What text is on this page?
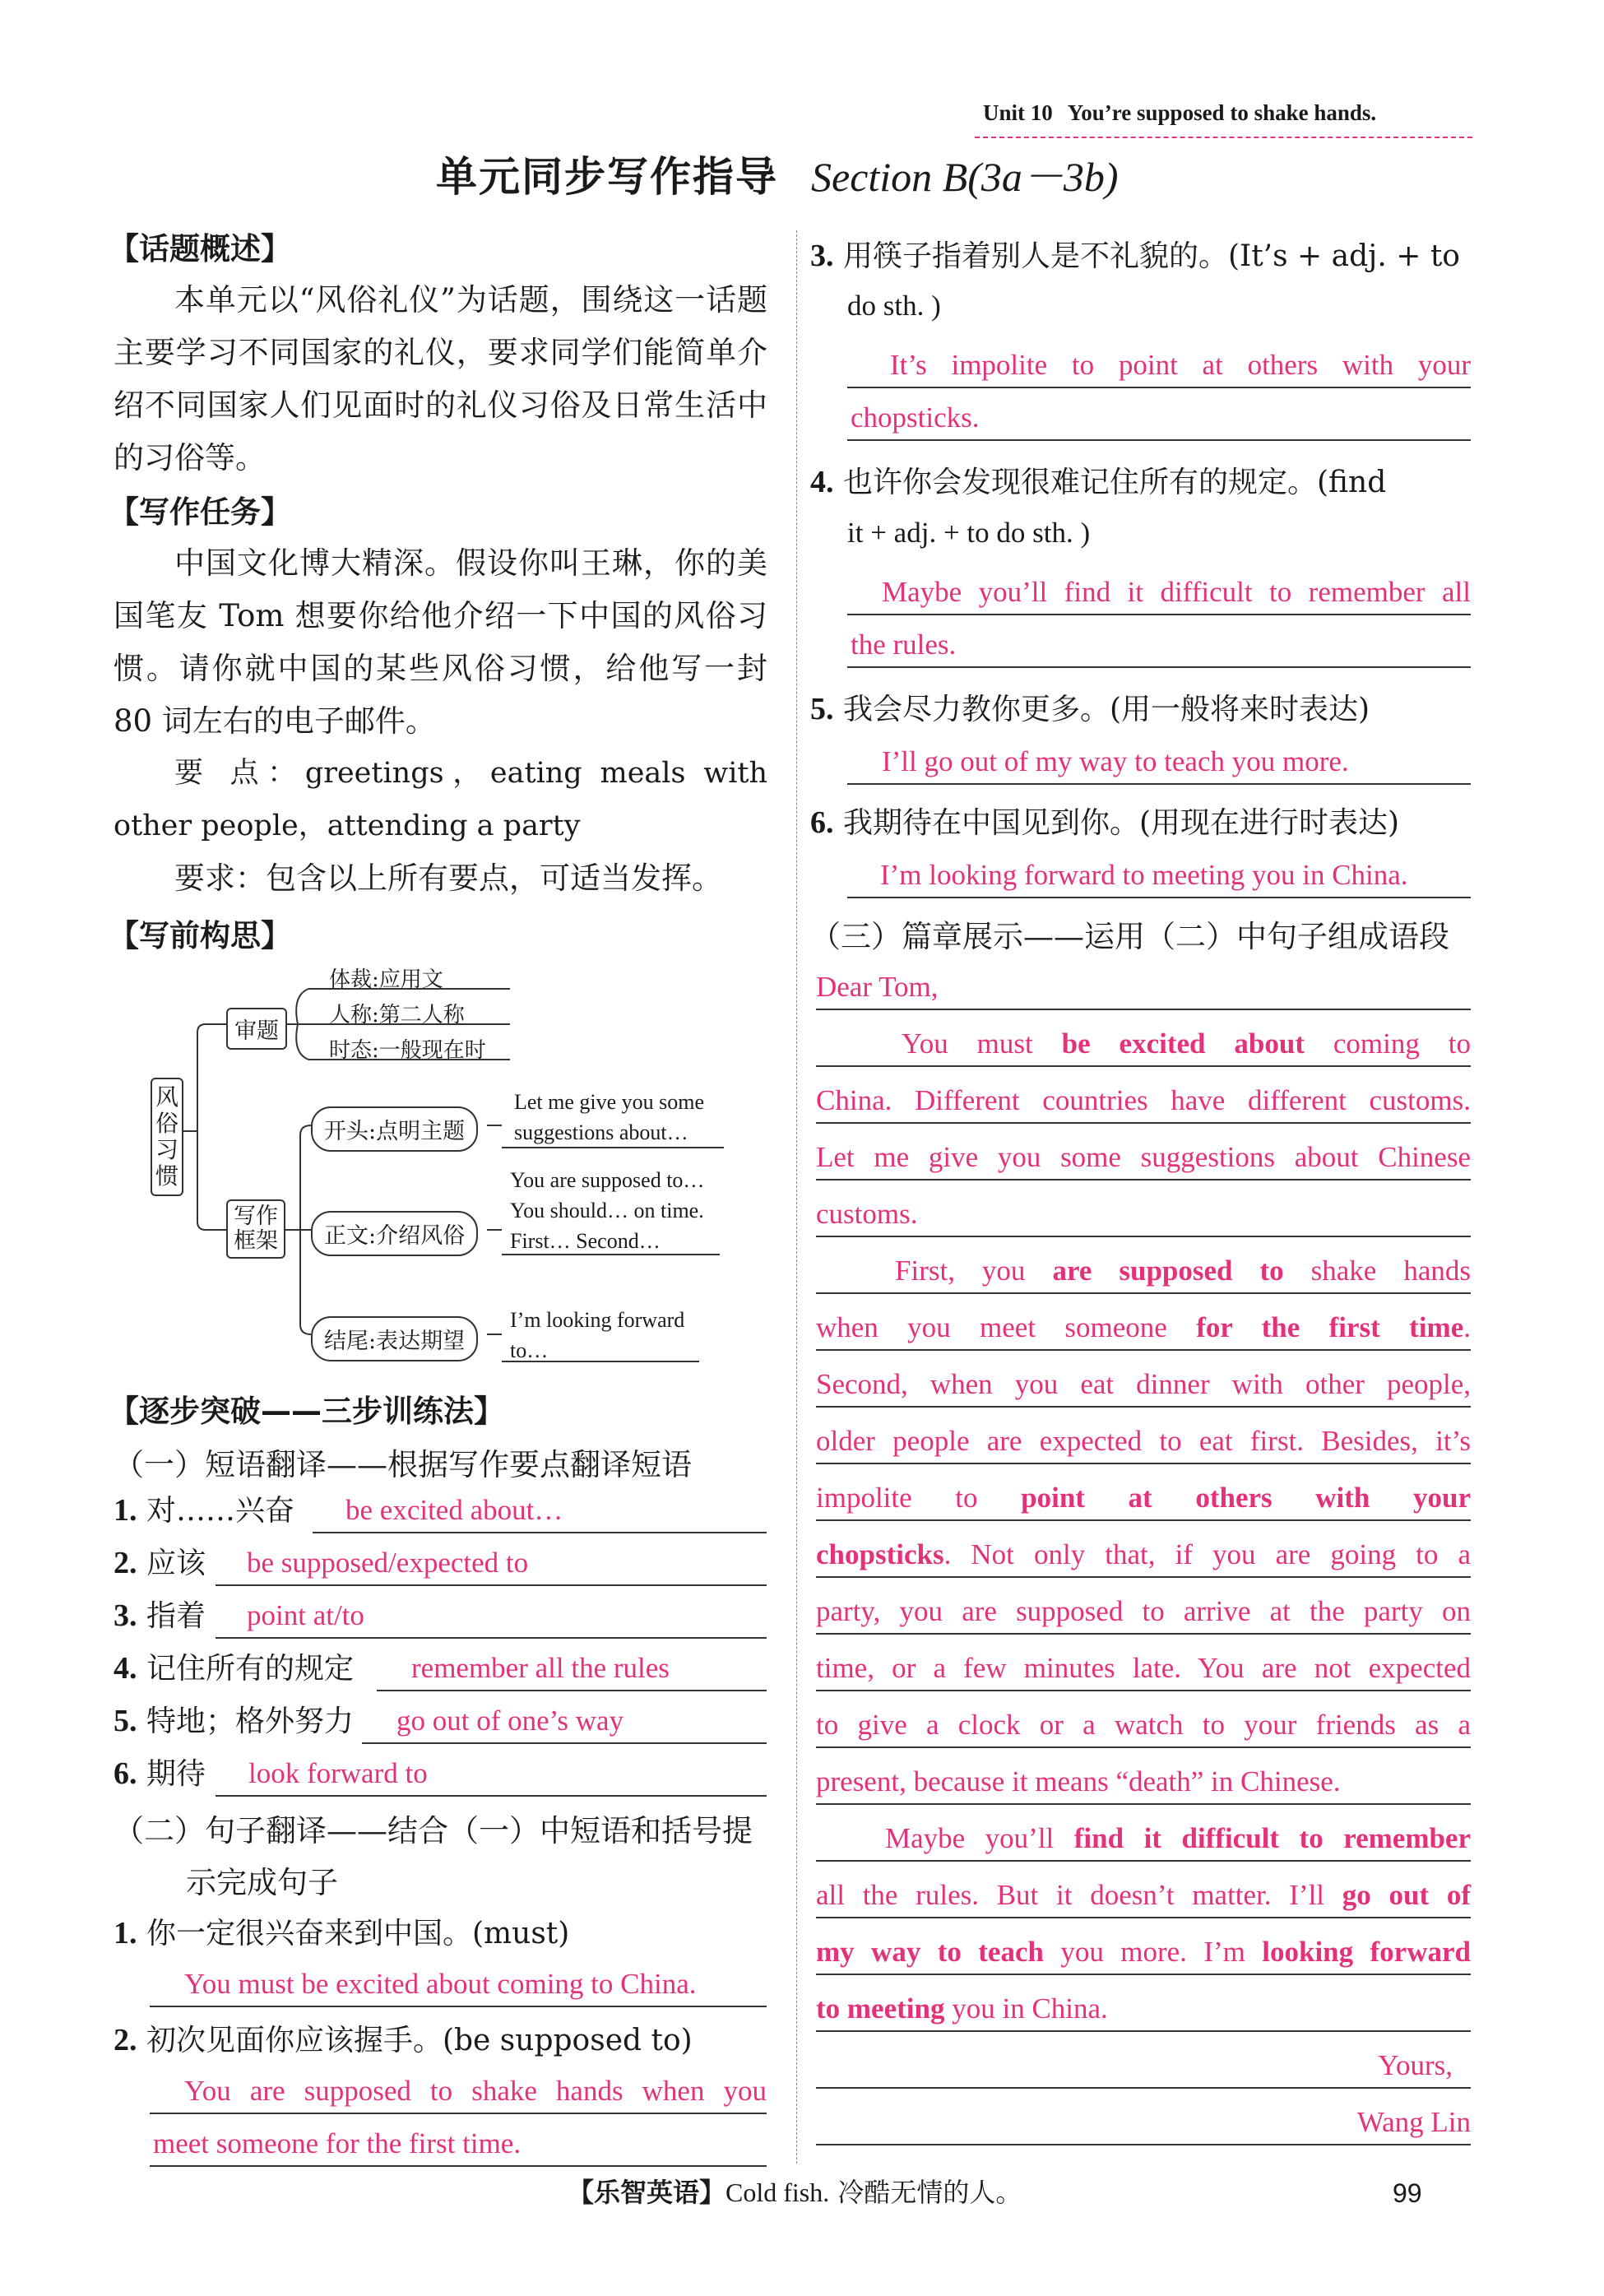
Unit 10 You’re supposed to shake hands.
单元同步写作指导 Section B(3a－3b)
【话题概述】
本单元以“风俗礼仪”为话题，围绕这一话题主要学习不同国家的礼仪，要求同学们能简单介绍不同国家人们见面时的礼仪习俗及日常生活中的习俗等。
【写作任务】
中国文化博大精深。假设你叫王琳，你的美国笔友 Tom 想要你给他介绍一下中国的风俗习惯。请你就中国的某些风俗习惯，给他写一封 80 词左右的电子邮件。
要 点：greetings，eating meals with other people，attending a party
要求：包含以上所有要点，可适当发挥。
【写前构思】
风俗习惯
审题
体裁:应用文
人称:第二人称
时态:一般现在时
写作框架
开头:点明主题
Let me give you some
suggestions about…
正文:介绍风俗
You are supposed to…
You should… on time.
First… Second…
结尾:表达期望
I’m looking forward
to…
【逐步突破——三步训练法】
（一）短语翻译——根据写作要点翻译短语
1. 对……兴奋 be excited about…
2. 应该 be supposed/expected to
3. 指着 point at/to
4. 记住所有的规定 remember all the rules
5. 特地；格外努力 go out of one’s way
6. 期待 look forward to
（二）句子翻译——结合（一）中短语和括号提
示完成句子
1. 你一定很兴奋来到中国。(must)
You must be excited about coming to China.
2. 初次见面你应该握手。(be supposed to)
You are supposed to shake hands when you
meet someone for the first time.
3. 用筷子指着别人是不礼貌的。(It’s + adj. + to
do sth. )
It’s impolite to point at others with your
chopsticks.
4. 也许你会发现很难记住所有的规定。(find
it + adj. + to do sth. )
Maybe you’ll find it difficult to remember all
the rules.
5. 我会尽力教你更多。(用一般将来时表达)
I’ll go out of my way to teach you more.
6. 我期待在中国见到你。(用现在进行时表达)
I’m looking forward to meeting you in China.
（三）篇章展示——运用（二）中句子组成语段
Dear Tom,
You must be excited about coming to
China. Different countries have different customs.
Let me give you some suggestions about Chinese
customs.
First, you are supposed to shake hands
when you meet someone for the first time.
Second, when you eat dinner with other people,
older people are expected to eat first. Besides, it’s
impolite to point at others with your
chopsticks. Not only that, if you are going to a
party, you are supposed to arrive at the party on
time, or a few minutes late. You are not expected
to give a clock or a watch to your friends as a
present, because it means “death” in Chinese.
Maybe you’ll find it difficult to remember
all the rules. But it doesn’t matter. I’ll go out of
my way to teach you more. I’m looking forward
to meeting you in China.
Yours,
Wang Lin
【乐智英语】Cold fish. 冷酷无情的人。	99
